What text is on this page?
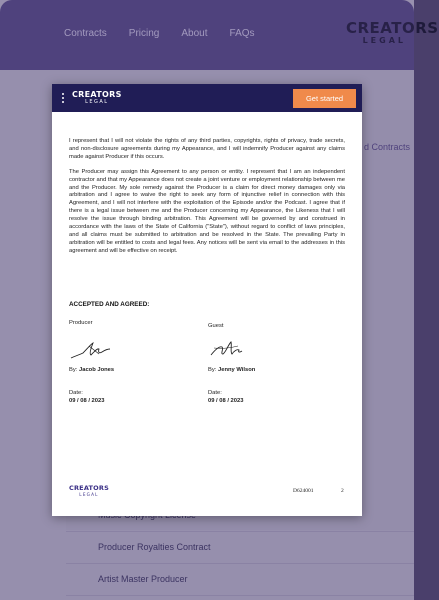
Contracts Pricing About FAQs	CREATORS
LEGAL
d Contracts
Producer Royalties Contract
Artist Master Producer
CREATORS
LEGAL	Get started

I represent that I will not violate the rights of any third parties, copyrights, rights of privacy, trade secrets, and non-disclosure agreements during my Appearance, and I will indemnify Producer against any claims made against Producer if this occurs.

The Producer may assign this Agreement to any person or entity. I represent that I am an independent contractor and that my Appearance does not create a joint venture or employment relationship between me and the Producer. My sole remedy against the Producer is a claim for direct money damages only via arbitration and I agree to waive the right to seek any form of injunctive relief in connection with this Agreement, and I will not interfere with the exploitation of the Episode and/or the Podcast. I agree that if there is a legal issue between me and the Producer concerning my Appearance, the Likeness that I will resolve the issue through binding arbitration. This Agreement will be governed by and construed in accordance with the laws of the State of California ("State"), without regard to conflict of laws principles, and all claims must be submitted to arbitration and be resolved in the State. The prevailing Party in arbitration will be entitled to costs and legal fees. Any notices will be sent via email to the addresses in this agreement and will be effective on receipt.

ACCEPTED AND AGREED:
Producer
By: Jacob Jones
Date:
09 / 08 / 2023
Guest
By: Jenny Wilson
Date:
09 / 08 / 2023
CREATORS
LEGAL
D624001	2
